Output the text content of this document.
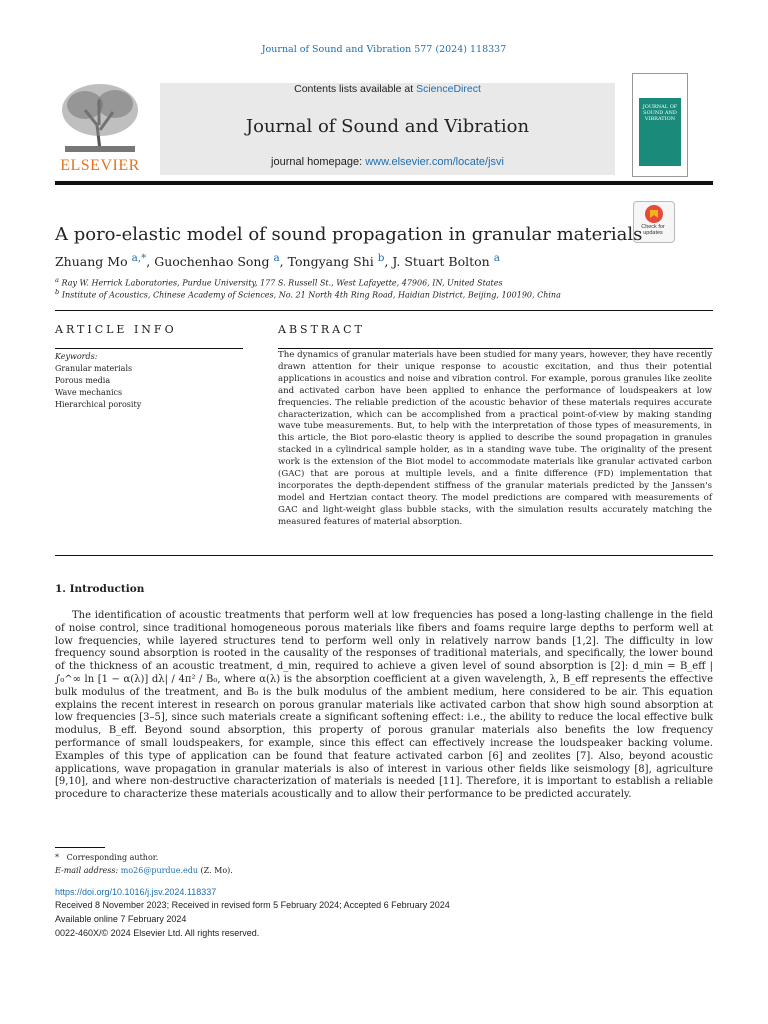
Journal of Sound and Vibration 577 (2024) 118337
ELSEVIER
Contents lists available at ScienceDirect
Journal of Sound and Vibration
journal homepage: www.elsevier.com/locate/jsvi
JOURNAL OF SOUND AND VIBRATION
Check for updates
A poro-elastic model of sound propagation in granular materials
Zhuang Mo $^{a,*}$, Guochenhao Song $^a$, Tongyang Shi $^b$, J. Stuart Bolton $^a$
$^a$ Ray W. Herrick Laboratories, Purdue University, 177 S. Russell St., West Lafayette, 47906, IN, United States
$^b$ Institute of Acoustics, Chinese Academy of Sciences, No. 21 North 4th Ring Road, Haidian District, Beijing, 100190, China
ARTICLE INFO	ABSTRACT
Keywords:
Granular materials
Porous media
Wave mechanics
Hierarchical porosity
The dynamics of granular materials have been studied for many years, however, they have recently drawn attention for their unique response to acoustic excitation, and thus their potential applications in acoustics and noise and vibration control. For example, porous granules like zeolite and activated carbon have been applied to enhance the performance of loudspeakers at low frequencies. The reliable prediction of the acoustic behavior of these materials requires accurate characterization, which can be accomplished from a practical point-of-view by making standing wave tube measurements. But, to help with the interpretation of those types of measurements, in this article, the Biot poro-elastic theory is applied to describe the sound propagation in granules stacked in a cylindrical sample holder, as in a standing wave tube. The originality of the present work is the extension of the Biot model to accommodate materials like granular activated carbon (GAC) that are porous at multiple levels, and a finite difference (FD) implementation that incorporates the depth-dependent stiffness of the granular materials predicted by the Janssen's model and Hertzian contact theory. The model predictions are compared with measurements of GAC and light-weight glass bubble stacks, with the simulation results accurately matching the measured features of material absorption.
1. Introduction

The identification of acoustic treatments that perform well at low frequencies has posed a long-lasting challenge in the field of noise control, since traditional homogeneous porous materials like fibers and foams require large depths to perform well at low frequencies, while layered structures tend to perform well only in relatively narrow bands [1,2]. The difficulty in low frequency sound absorption is rooted in the causality of the responses of traditional materials, and specifically, the lower bound of the thickness of an acoustic treatment, d_min, required to achieve a given level of sound absorption is [2]: d_min = B_eff |∫₀^∞ ln [1 − α(λ)] dλ| / 4π² / B₀, where α(λ) is the absorption coefficient at a given wavelength, λ, B_eff represents the effective bulk modulus of the treatment, and B₀ is the bulk modulus of the ambient medium, here considered to be air. This equation explains the recent interest in research on porous granular materials like activated carbon that show high sound absorption at low frequencies [3–5], since such materials create a significant softening effect: i.e., the ability to reduce the local effective bulk modulus, B_eff. Beyond sound absorption, this property of porous granular materials also benefits the low frequency performance of small loudspeakers, for example, since this effect can effectively increase the loudspeaker backing volume. Examples of this type of application can be found that feature activated carbon [6] and zeolites [7]. Also, beyond acoustic applications, wave propagation in granular materials is also of interest in various other fields like seismology [8], agriculture [9,10], and where non-destructive characterization of materials is needed [11]. Therefore, it is important to establish a reliable procedure to characterize these materials acoustically and to allow their performance to be predicted accurately.

* Corresponding author.
E-mail address: mo26@purdue.edu (Z. Mo).
https://doi.org/10.1016/j.jsv.2024.118337
Received 8 November 2023; Received in revised form 5 February 2024; Accepted 6 February 2024
Available online 7 February 2024
0022-460X/© 2024 Elsevier Ltd. All rights reserved.
